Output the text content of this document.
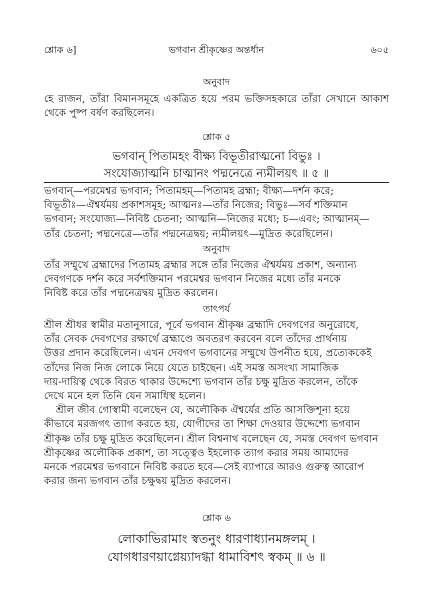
শ্লোক ৬]	ভগবান শ্রীকৃষ্ণের অন্তর্ধান	৬০৫
অনুবাদ

হে রাজন, তাঁরা বিমানসমূহে একত্রিত হয়ে পরম ভক্তিসহকারে তাঁরা সেখানে আকাশ থেকে পুষ্প বর্ষণ করছিলেন।

শ্লোক ৫

ভগবান্ পিতামহং বীক্ষ্য বিভূতীরাত্মনো বিভুঃ ।

সংযোজ্যাত্মনি চাত্মানং পদ্মনেত্রে ন্যমীলয়ৎ ॥ ৫ ॥

ভগবান্—পরমেশ্বর ভগবান; পিতামহম্—পিতামহ ব্রহ্মা; বীক্ষ্য—দর্শন করে;

বিভূতীঃ—ঐশ্বর্যময় প্রকাশসমূহ; আত্মনঃ—তাঁর নিজের; বিভুঃ—সর্ব শক্তিমান

ভগবান; সংযোজ্য—নিবিষ্ট চেতনা; আত্মনি—নিজের মধ্যে; চ—এবং; আত্মানম্—

তাঁর চেতনা; পদ্মনেত্রে—তাঁর পদ্মনেত্রদ্বয়; ন্যমীলয়ৎ—মুদ্রিত করেছিলেন।

অনুবাদ

তাঁর সম্মুখে ব্রহ্মাদের পিতামহ ব্রহ্মার সঙ্গে তাঁর নিজের ঐশ্বর্যময় প্রকাশ, অন্যান্য

দেবগণকে দর্শন করে সর্বশক্তিমান পরমেশ্বর ভগবান নিজের মধ্যে তাঁর মনকে

নিবিষ্ট করে তাঁর পদ্মনেত্রদ্বয় মুদ্রিত করলেন।

তাৎপর্য

শ্রীল শ্রীধর স্বামীর মতানুসারে, পূর্বে ভগবান শ্রীকৃষ্ণ ব্রহ্মাদি দেবগণের অনুরোধে,

তাঁর সেবক দেবগণের রক্ষার্থে ব্রহ্মাণ্ডে অবতরণ করবেন বলে তাঁদের প্রার্থনায়

উত্তর প্রদান করেছিলেন। এখন দেবগণ ভগবানের সম্মুখে উপনীত হয়ে, প্রত্যেককেই

তাঁদের নিজ নিজ লোকে নিয়ে যেতে চাইছেন। এই সমস্ত অসংখ্য সামাজিক

দায়-দায়িত্ব থেকে বিরত থাকার উদ্দেশ্যে ভগবান তাঁর চক্ষু মুদ্রিত করলেন, তাঁকে

দেখে মনে হল তিনি যেন সমাধিস্থ হলেন।

শ্রীল জীব গোস্বামী বলেছেন যে, অলৌকিক ঐশ্বর্যের প্রতি আসক্তিশূন্য হয়ে

কীভাবে মরজগৎ ত্যাগ করতে হয়, যোগীদের তা শিক্ষা দেওয়ার উদ্দেশ্যে ভগবান

শ্রীকৃষ্ণ তাঁর চক্ষু মুদ্রিত করেছিলেন। শ্রীল বিশ্বনাথ বলেছেন যে, সমস্ত দেবগণ ভগবান

শ্রীকৃষ্ণের অলৌকিক প্রকাশ, তা সত্ত্বেও ইহলোক ত্যাগ করার সময় আমাদের

মনকে পরমেশ্বর ভগবানে নিবিষ্ট করতে হবে—সেই ব্যাপারে আরও গুরুত্ব আরোপ

করার জন্য ভগবান তাঁর চক্ষুদ্বয় মুদ্রিত করলেন।

শ্লোক ৬

লোকাভিরামাং স্বতনুং ধারণাধ্যানমঙ্গলম্ ।

যোগধারণয়াগ্নেয়্যাদগ্ধা ধামাবিশৎ স্বকম্ ॥ ৬ ॥
